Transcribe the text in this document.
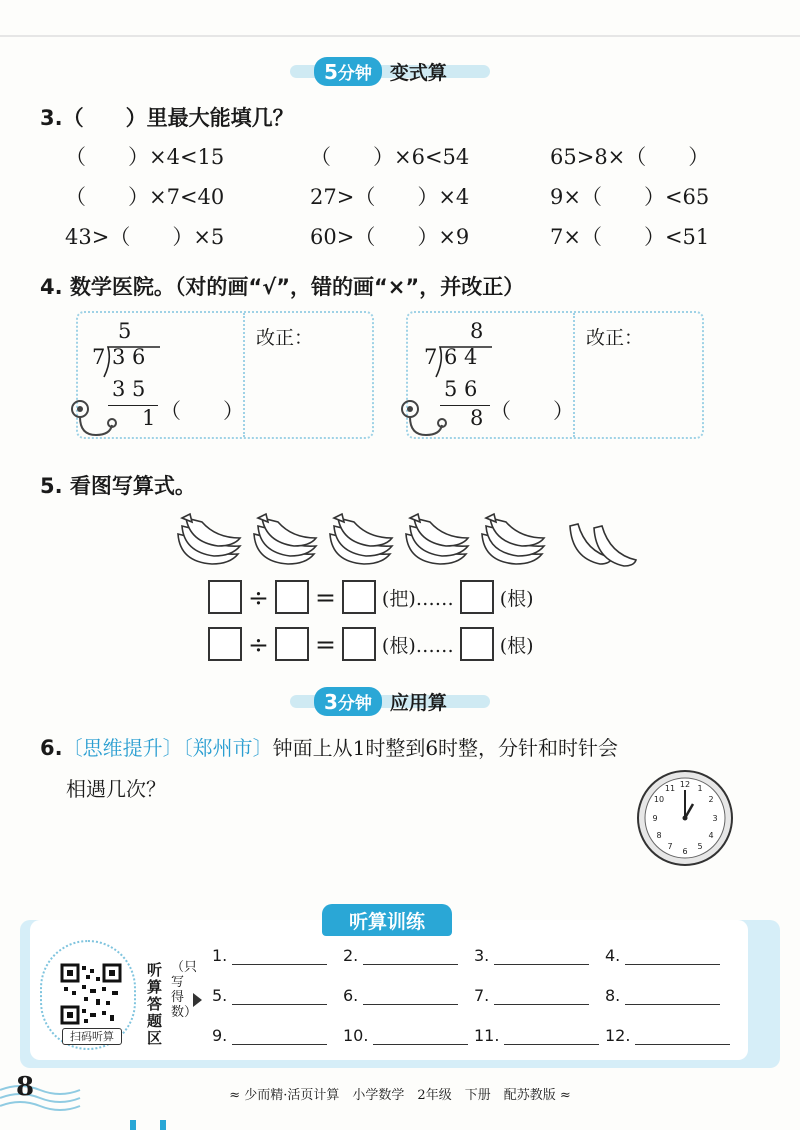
5分钟 变式算
3.（　　）里最大能填几？
（　　）×4<15	（　　）×6<54	65>8×（　　）
（　　）×7<40	27>（　　）×4	9×（　　）<65
43>（　　）×5	60>（　　）×9	7×（　　）<51
4. 数学医院。（对的画“√”，错的画“×”，并改正）
改正：
5
7 3 6
3 5
1 （　　）
改正：
8
7 6 4
5 6
8 （　　）
5. 看图写算式。
÷ = (把)…… (根)
÷ = (根)…… (根)
3分钟 应用算
6.〔思维提升〕〔郑州市〕钟面上从1时整到6时整，分针和时针会
相遇几次？	12 1
2
3
4
5
6
7
8
9
10
11
听算训练
扫码听算
听算答题区
（只写得数）
1.	2.	3.	4.
5.	6.	7.	8.
9.	10.	11.	12.
8	≈ 少而精·活页计算　小学数学　2年级　下册　配苏教版 ≈
